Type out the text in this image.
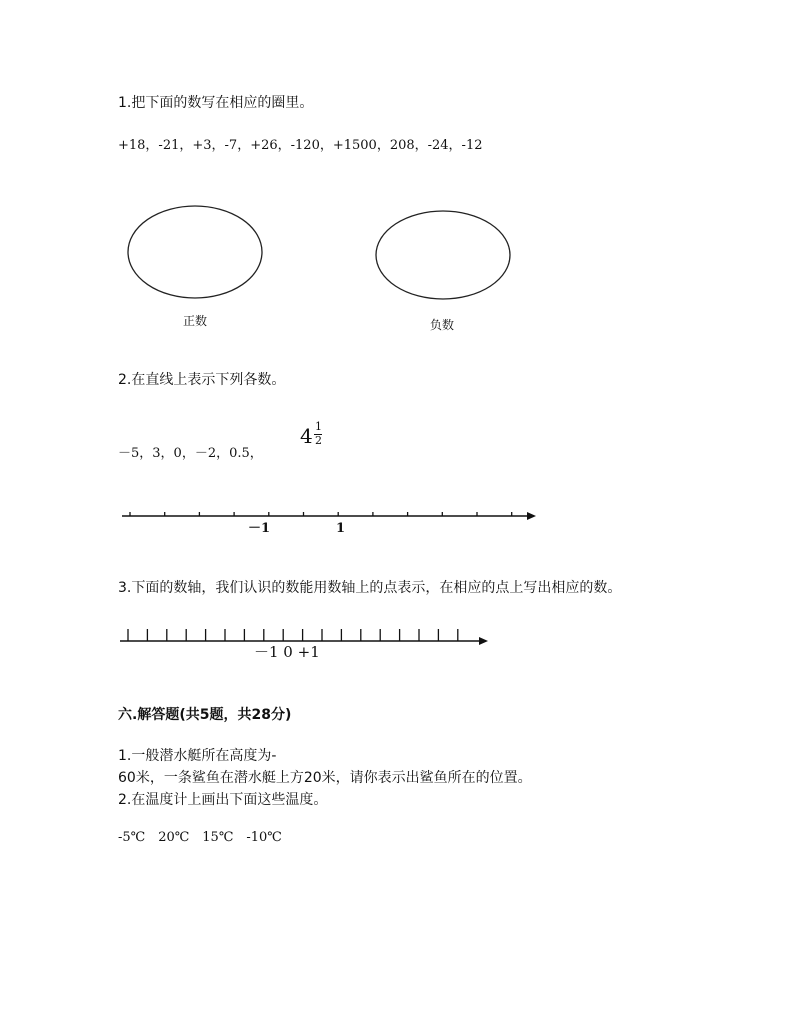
1.把下面的数写在相应的圈里。
+18，-21，+3，-7，+26，-120，+1500，208，-24，-12
正数	负数
2.在直线上表示下列各数。
－5，3，0，－2，0.5，
4 1
2
－1	1
3.下面的数轴，我们认识的数能用数轴上的点表示，在相应的点上写出相应的数。
－1 0 +1
六.解答题(共5题，共28分)
1.一般潜水艇所在高度为-
60米，一条鲨鱼在潜水艇上方20米，请你表示出鲨鱼所在的位置。
2.在温度计上画出下面这些温度。
-5℃　20℃　15℃　-10℃
